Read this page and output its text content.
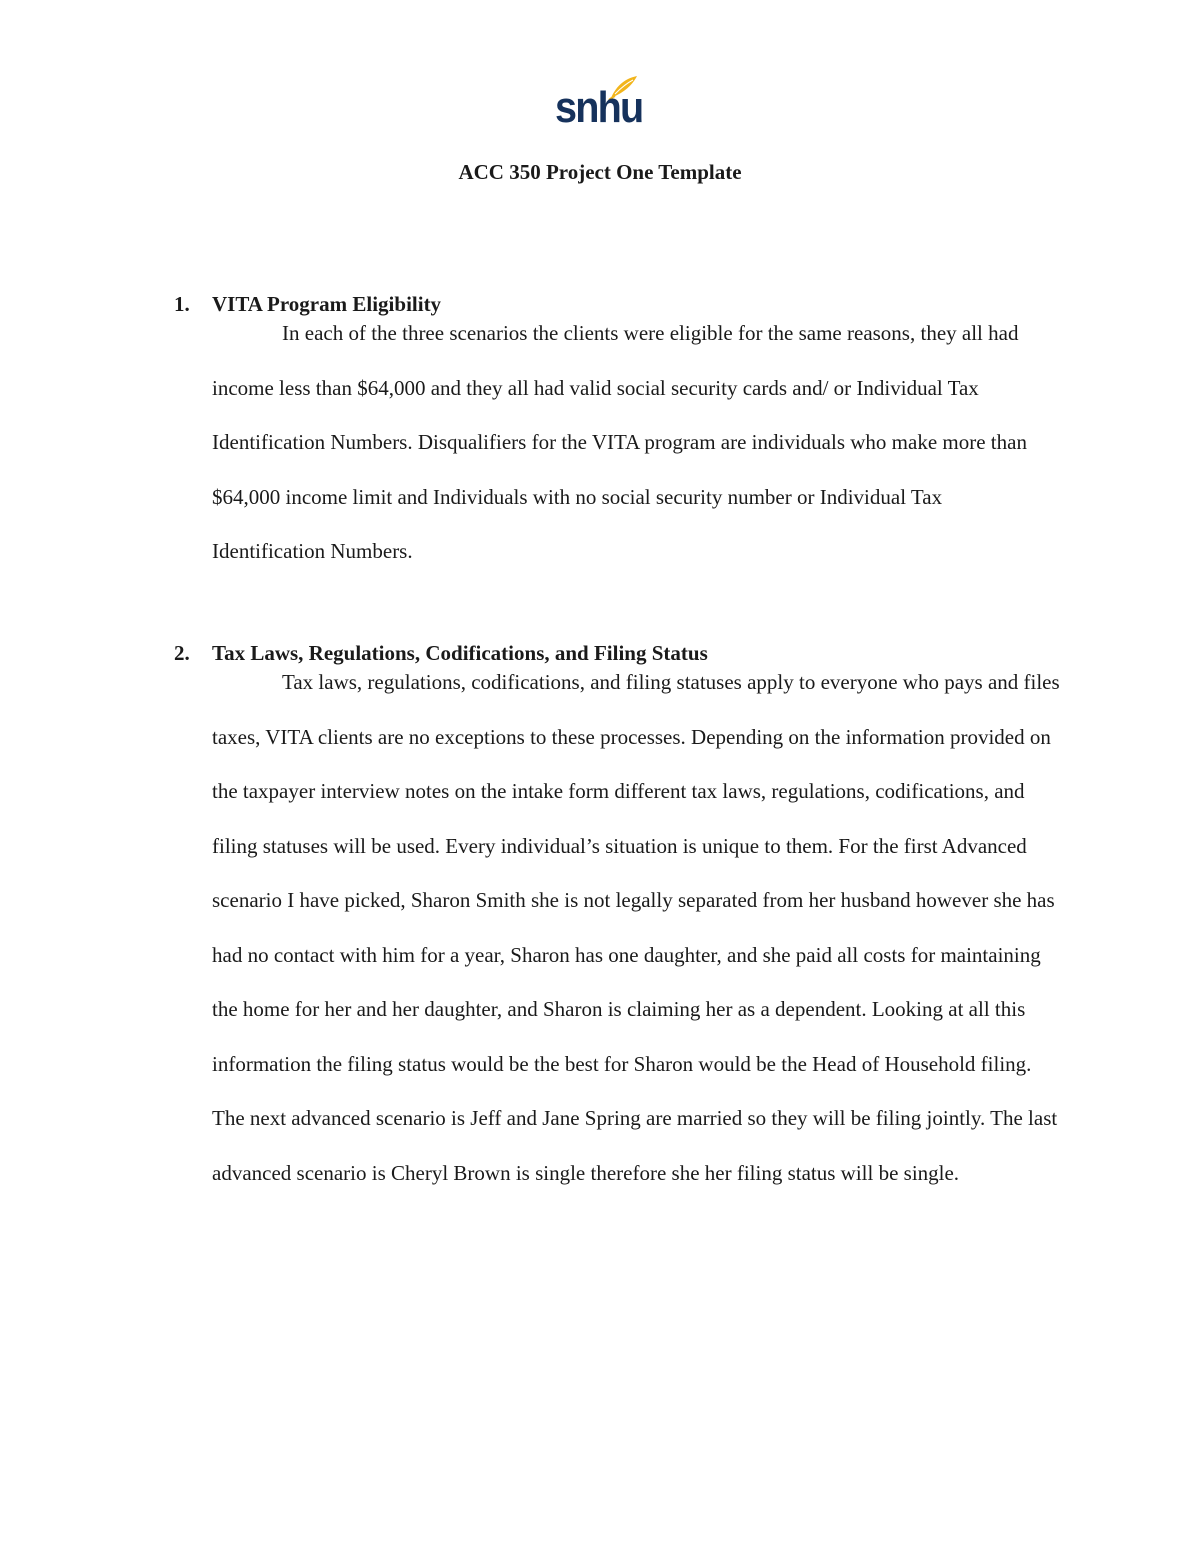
snhu
ACC 350 Project One Template
1.	VITA Program Eligibility

In each of the three scenarios the clients were eligible for the same reasons, they all had income less than $64,000 and they all had valid social security cards and/ or Individual Tax Identification Numbers. Disqualifiers for the VITA program are individuals who make more than $64,000 income limit and Individuals with no social security number or Individual Tax Identification Numbers.

2.	Tax Laws, Regulations, Codifications, and Filing Status

Tax laws, regulations, codifications, and filing statuses apply to everyone who pays and files taxes, VITA clients are no exceptions to these processes. Depending on the information provided on the taxpayer interview notes on the intake form different tax laws, regulations, codifications, and filing statuses will be used. Every individual’s situation is unique to them. For the first Advanced scenario I have picked, Sharon Smith she is not legally separated from her husband however she has had no contact with him for a year, Sharon has one daughter, and she paid all costs for maintaining the home for her and her daughter, and Sharon is claiming her as a dependent. Looking at all this information the filing status would be the best for Sharon would be the Head of Household filing. The next advanced scenario is Jeff and Jane Spring are married so they will be filing jointly. The last advanced scenario is Cheryl Brown is single therefore she her filing status will be single.
